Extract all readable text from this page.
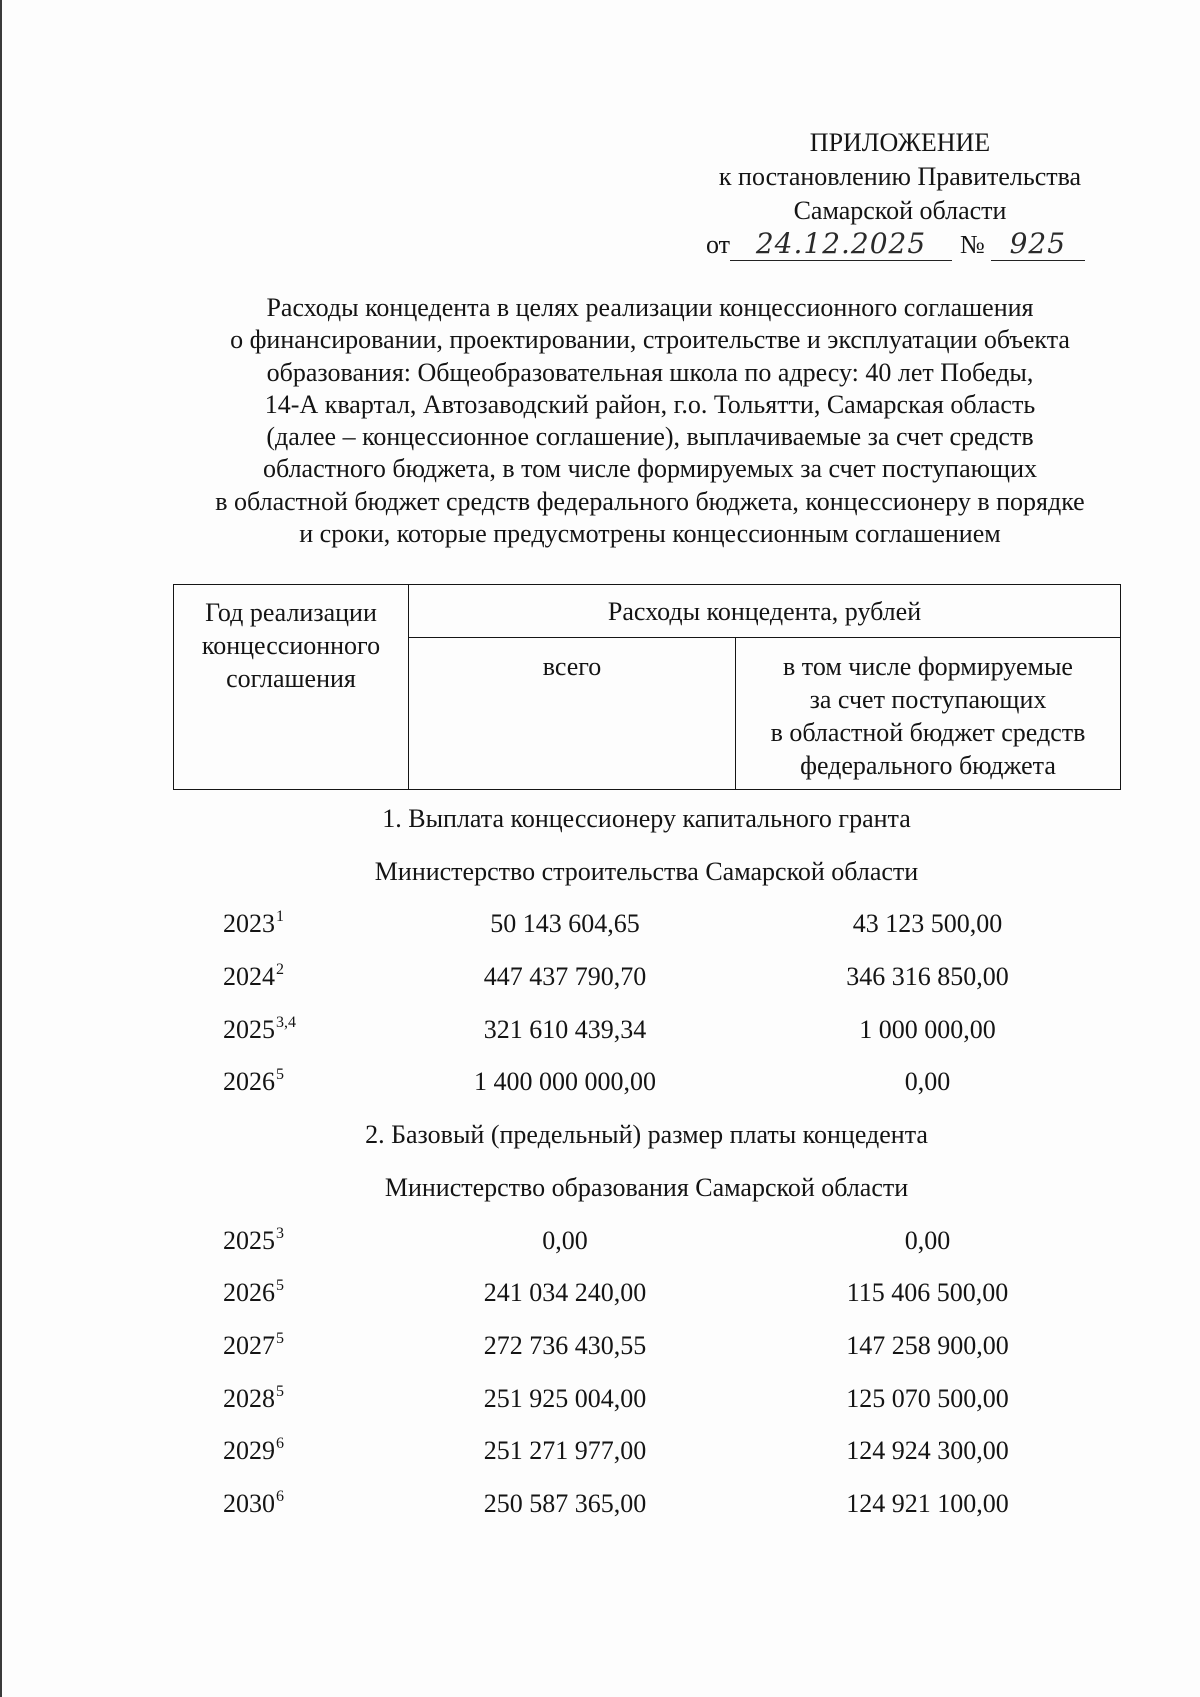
ПРИЛОЖЕНИЕ
к постановлению Правительства
Самарской области
от 24.12.2025 № 925
Расходы концедента в целях реализации концессионного соглашения
о финансировании, проектировании, строительстве и эксплуатации объекта
образования: Общеобразовательная школа по адресу: 40 лет Победы,
14-А квартал, Автозаводский район, г.о. Тольятти, Самарская область
(далее – концессионное соглашение), выплачиваемые за счет средств
областного бюджета, в том числе формируемых за счет поступающих
в областной бюджет средств федерального бюджета, концессионеру в порядке
и сроки, которые предусмотрены концессионным соглашением
Год реализации
концессионного
соглашения	Расходы концедента, рублей	
	всего	в том числе формируемые
за счет поступающих
в областной бюджет средств
федерального бюджета
1. Выплата концессионеру капитального гранта
Министерство строительства Самарской области
2023$^1$	50 143 604,65	43 123 500,00
2024$^2$	447 437 790,70	346 316 850,00
2025$^{3,4}$	321 610 439,34	1 000 000,00
2026$^5$	1 400 000 000,00	0,00
2. Базовый (предельный) размер платы концедента
Министерство образования Самарской области
2025$^3$	0,00	0,00
2026$^5$	241 034 240,00	115 406 500,00
2027$^5$	272 736 430,55	147 258 900,00
2028$^5$	251 925 004,00	125 070 500,00
2029$^6$	251 271 977,00	124 924 300,00
2030$^6$	250 587 365,00	124 921 100,00
